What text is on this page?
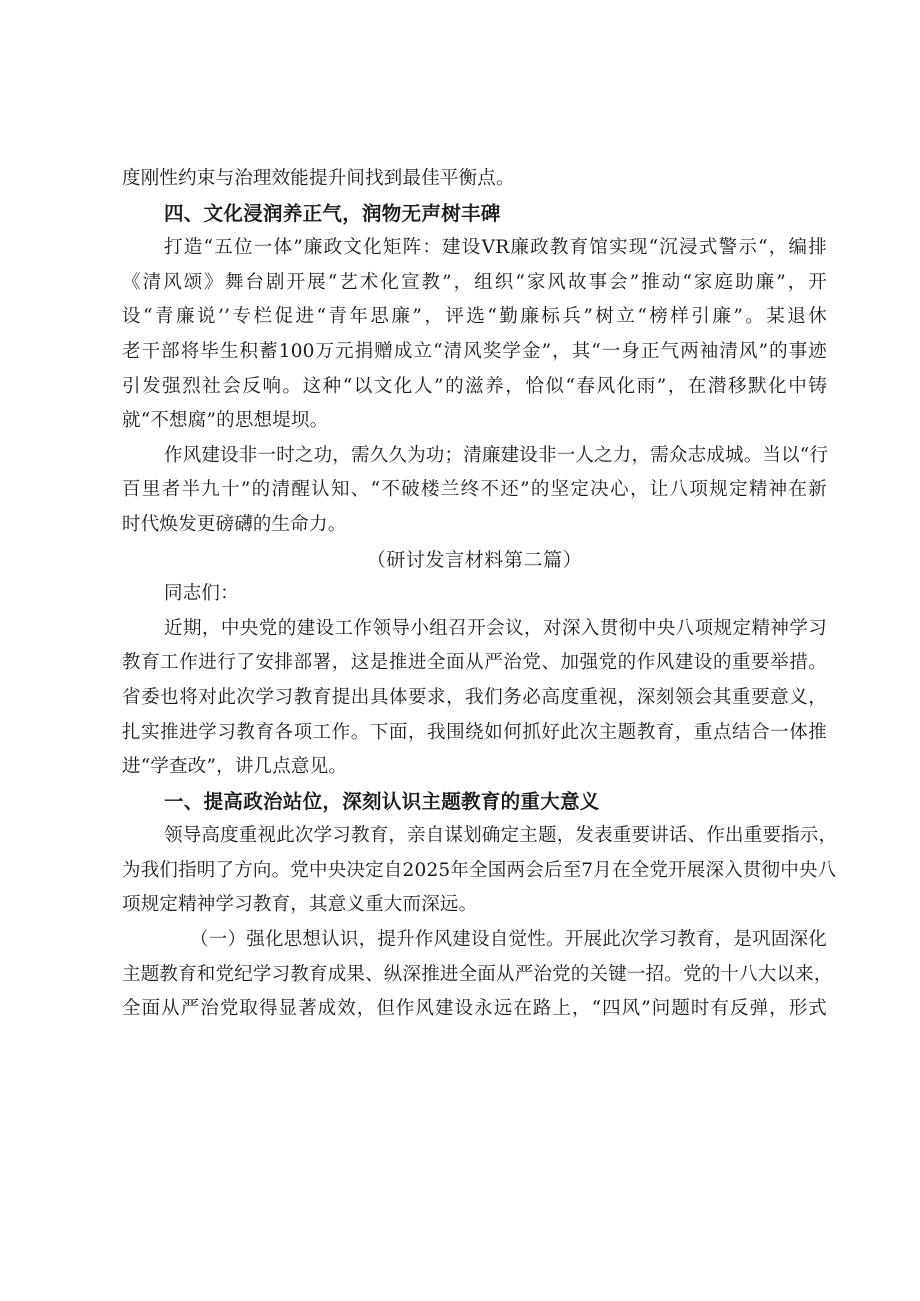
度刚性约束与治理效能提升间找到最佳平衡点。
四、文化浸润养正气，润物无声树丰碑
打造“五位一体”廉政文化矩阵：建设VR廉政教育馆实现“沉浸式警示“，编排
《清风颂》舞台剧开展“艺术化宣教”，组织“家风故事会”推动“家庭助廉”，开
设“青廉说’’专栏促进“青年思廉”，评选“勤廉标兵”树立“榜样引廉”。某退休
老干部将毕生积蓄100万元捐赠成立“清风奖学金”，其“一身正气两袖清风”的事迹
引发强烈社会反响。这种“以文化人”的滋养，恰似“春风化雨”，在潜移默化中铸
就“不想腐”的思想堤坝。
作风建设非一时之功，需久久为功；清廉建设非一人之力，需众志成城。当以“行
百里者半九十”的清醒认知、“不破楼兰终不还”的坚定决心，让八项规定精神在新
时代焕发更磅礴的生命力。
（研讨发言材料第二篇）
同志们：
近期，中央党的建设工作领导小组召开会议，对深入贯彻中央八项规定精神学习
教育工作进行了安排部署，这是推进全面从严治党、加强党的作风建设的重要举措。
省委也将对此次学习教育提出具体要求，我们务必高度重视，深刻领会其重要意义，
扎实推进学习教育各项工作。下面，我围绕如何抓好此次主题教育，重点结合一体推
进“学查改”，讲几点意见。
一、提高政治站位，深刻认识主题教育的重大意义
领导高度重视此次学习教育，亲自谋划确定主题，发表重要讲话、作出重要指示，
为我们指明了方向。党中央决定自2025年全国两会后至7月在全党开展深入贯彻中央八
项规定精神学习教育，其意义重大而深远。
（一）强化思想认识，提升作风建设自觉性。开展此次学习教育，是巩固深化
主题教育和党纪学习教育成果、纵深推进全面从严治党的关键一招。党的十八大以来，
全面从严治党取得显著成效，但作风建设永远在路上，“四风”问题时有反弹，形式
